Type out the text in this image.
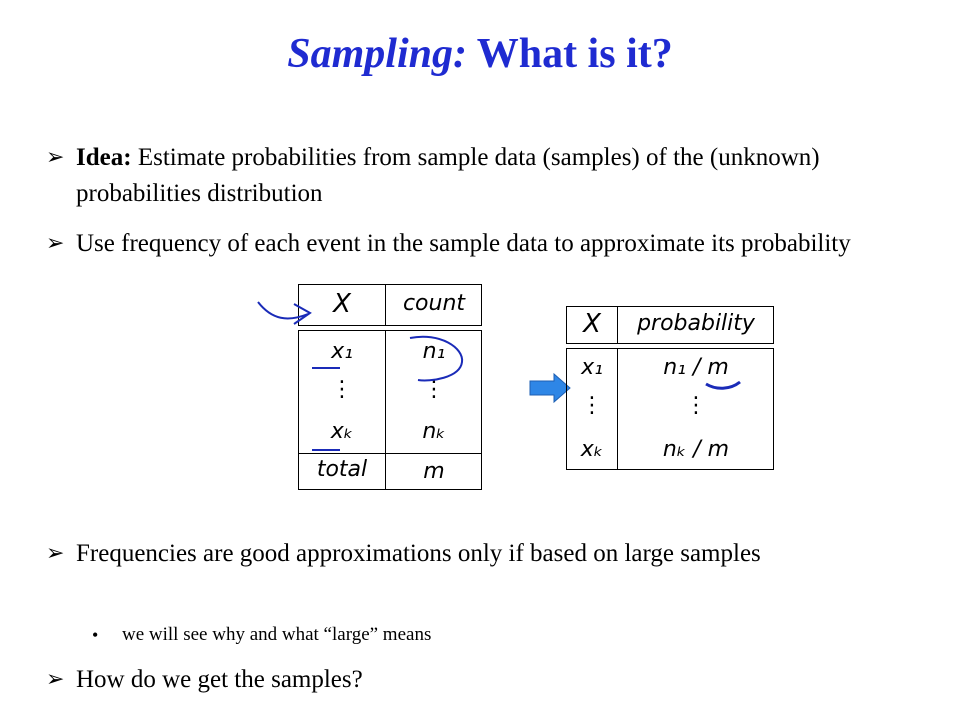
Sampling: What is it?
➢ Idea: Estimate probabilities from sample data (samples) of the (unknown) probabilities distribution
➢ Use frequency of each event in the sample data to approximate its probability
X	count
x₁	n₁
⋮	⋮
xₖ	nₖ
total	m
X	probability
x₁	n₁ / m
⋮	⋮
xₖ	nₖ / m
➢ Frequencies are good approximations only if based on large samples
• we will see why and what “large” means
➢ How do we get the samples?
